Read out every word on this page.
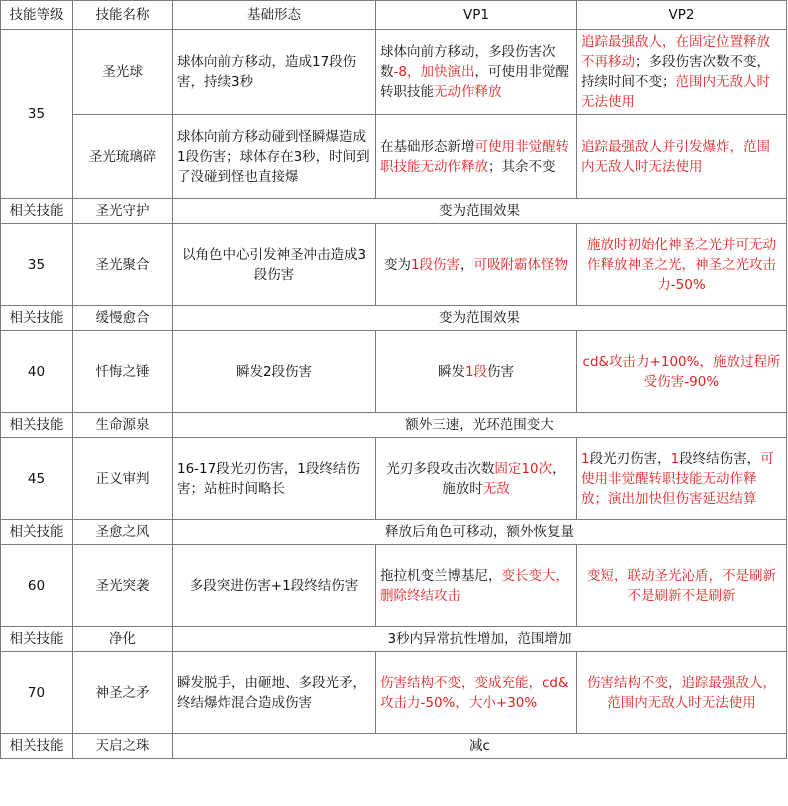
技能等级	技能名称	基础形态	VP1	VP2
35	圣光球	球体向前方移动，造成17段伤害，持续3秒	球体向前方移动，多段伤害次数-8，加快演出，可使用非觉醒转职技能无动作释放	追踪最强敌人，在固定位置释放不再移动；多段伤害次数不变，持续时间不变；范围内无敌人时无法使用
	圣光琉璃碎	球体向前方移动碰到怪瞬爆造成1段伤害；球体存在3秒，时间到了没碰到怪也直接爆	在基础形态新增可使用非觉醒转职技能无动作释放；其余不变	追踪最强敌人并引发爆炸，范围内无敌人时无法使用
相关技能	圣光守护	变为范围效果		
35	圣光聚合	以角色中心引发神圣冲击造成3段伤害	变为1段伤害，可吸附霸体怪物	施放时初始化神圣之光并可无动作释放神圣之光，神圣之光攻击力-50%
相关技能	缓慢愈合	变为范围效果		
40	忏悔之锤	瞬发2段伤害	瞬发1段伤害	cd&攻击力+100%，施放过程所受伤害-90%
相关技能	生命源泉	额外三速，光环范围变大		
45	正义审判	16-17段光刃伤害，1段终结伤害；站桩时间略长	光刃多段攻击次数固定10次，施放时无敌	1段光刃伤害，1段终结伤害，可使用非觉醒转职技能无动作释放；演出加快但伤害延迟结算
相关技能	圣愈之风	释放后角色可移动，额外恢复量		
60	圣光突袭	多段突进伤害+1段终结伤害	拖拉机变兰博基尼，变长变大，删除终结攻击	变短，联动圣光沁盾，不是刷新不是刷新不是刷新
相关技能	净化	3秒内异常抗性增加，范围增加		
70	神圣之矛	瞬发脱手，由砸地、多段光矛，终结爆炸混合造成伤害	伤害结构不变，变成充能，cd&攻击力-50%，大小+30%	伤害结构不变，追踪最强敌人，范围内无敌人时无法使用
相关技能	天启之珠	减c		
